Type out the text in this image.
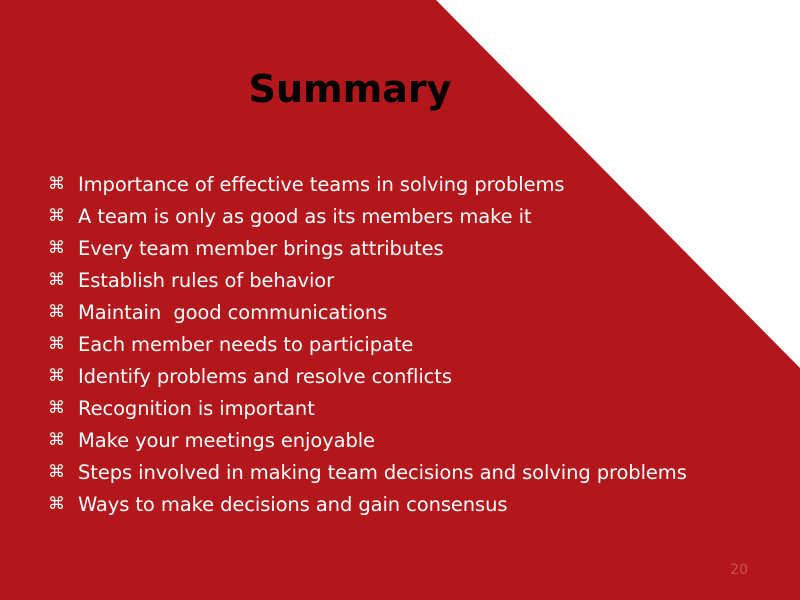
Summary
⌘ Importance of effective teams in solving problems
⌘ A team is only as good as its members make it
⌘ Every team member brings attributes
⌘ Establish rules of behavior
⌘ Maintain  good communications
⌘ Each member needs to participate
⌘ Identify problems and resolve conflicts
⌘ Recognition is important
⌘ Make your meetings enjoyable
⌘ Steps involved in making team decisions and solving problems
⌘ Ways to make decisions and gain consensus
20
